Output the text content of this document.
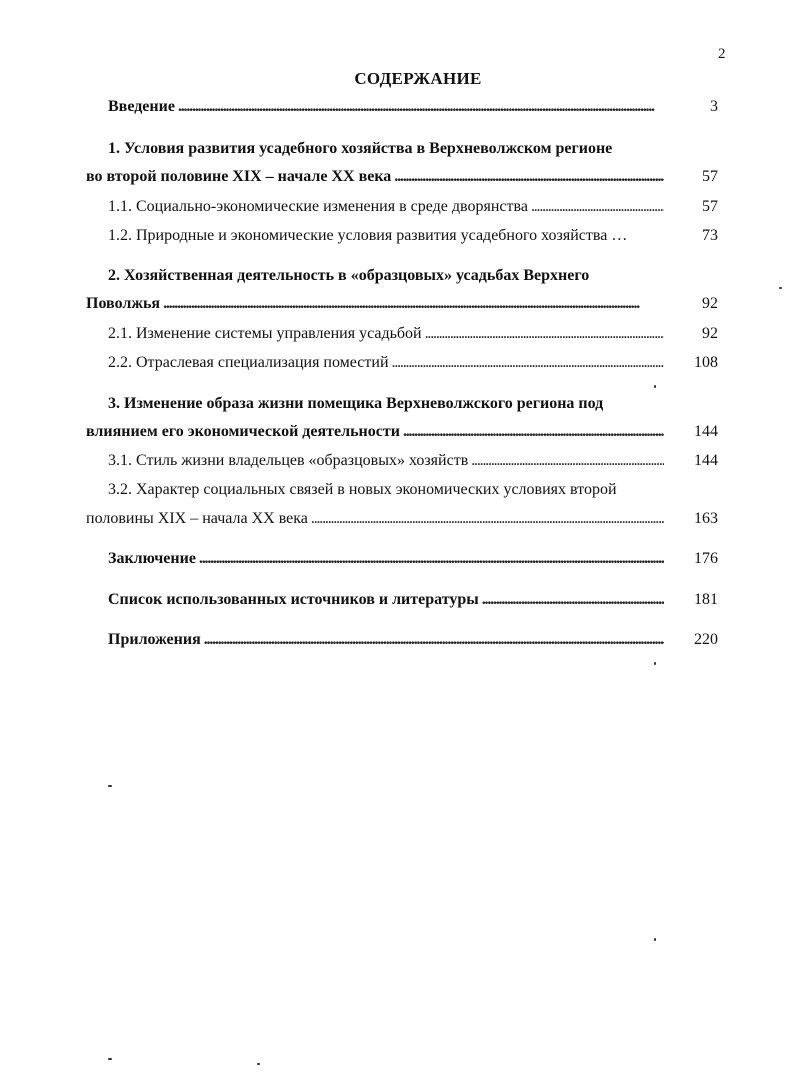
2
СОДЕРЖАНИЕ
Введение . . .	3
1. Условия развития усадебного хозяйства в Верхневолжском регионе
во второй половине XIX – начале XX века . . .	57
1.1. Социально-экономические изменения в среде дворянства . . .	57
1.2. Природные и экономические условия развития усадебного хозяйства …	73
2. Хозяйственная деятельность в «образцовых» усадьбах Верхнего
Поволжья . . .	92
2.1. Изменение системы управления усадьбой . . .	92
2.2. Отраслевая специализация поместий . . .	108
3. Изменение образа жизни помещика Верхневолжского региона под
влиянием его экономической деятельности . . .	144
3.1. Стиль жизни владельцев «образцовых» хозяйств . . .	144
3.2. Характер социальных связей в новых экономических условиях второй
половины XIX – начала XX века . . .	163
Заключение . . .	176
Список использованных источников и литературы . . .	181
Приложения . . .	220
